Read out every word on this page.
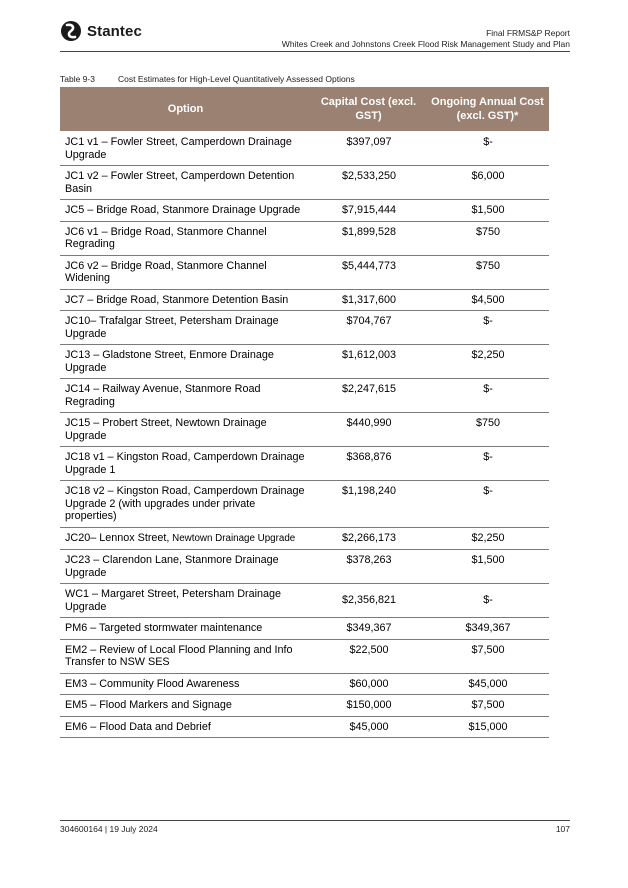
Stantec	Final FRMS&P Report
Whites Creek and Johnstons Creek Flood Risk Management Study and Plan
Table 9-3	Cost Estimates for High-Level Quantitatively Assessed Options
Option	Capital Cost (excl. GST)	Ongoing Annual Cost (excl. GST)*
JC1 v1 – Fowler Street, Camperdown Drainage Upgrade	$397,097	$-
JC1 v2 – Fowler Street, Camperdown Detention Basin	$2,533,250	$6,000
JC5 – Bridge Road, Stanmore Drainage Upgrade	$7,915,444	$1,500
JC6 v1 – Bridge Road, Stanmore Channel Regrading	$1,899,528	$750
JC6 v2 – Bridge Road, Stanmore Channel Widening	$5,444,773	$750
JC7 – Bridge Road, Stanmore Detention Basin	$1,317,600	$4,500
JC10– Trafalgar Street, Petersham Drainage Upgrade	$704,767	$-
JC13 – Gladstone Street, Enmore Drainage Upgrade	$1,612,003	$2,250
JC14 – Railway Avenue, Stanmore Road Regrading	$2,247,615	$-
JC15 – Probert Street, Newtown Drainage Upgrade	$440,990	$750
JC18 v1 – Kingston Road, Camperdown Drainage Upgrade 1	$368,876	$-
JC18 v2 – Kingston Road, Camperdown Drainage Upgrade 2 (with upgrades under private properties)	$1,198,240	$-
JC20– Lennox Street, Newtown Drainage Upgrade	$2,266,173	$2,250
JC23 – Clarendon Lane, Stanmore Drainage Upgrade	$378,263	$1,500
WC1 – Margaret Street, Petersham Drainage Upgrade	$2,356,821	$-
PM6 – Targeted stormwater maintenance	$349,367	$349,367
EM2 – Review of Local Flood Planning and Info Transfer to NSW SES	$22,500	$7,500
EM3 – Community Flood Awareness	$60,000	$45,000
EM5 – Flood Markers and Signage	$150,000	$7,500
EM6 – Flood Data and Debrief	$45,000	$15,000
304600164 | 19 July 2024	107
